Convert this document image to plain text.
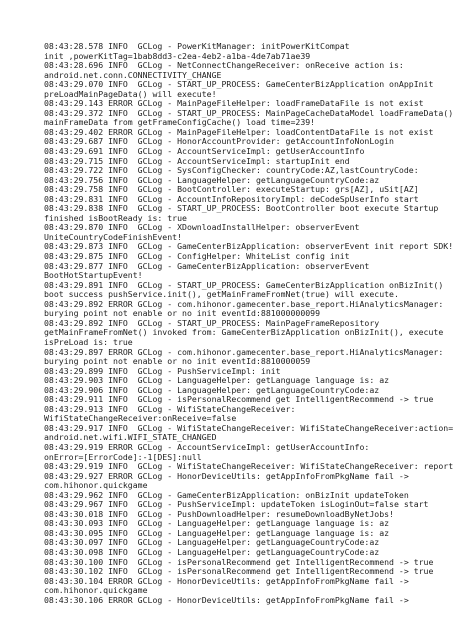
08:43:28.578 INFO  GCLog - PowerKitManager: initPowerKitCompat
init ,powerKitTag=1bab8dd3-c2ea-4eb2-a1ba-4de7ab71ae39
08:43:28.696 INFO  GCLog - NetConnectChangeReceiver: onReceive action is:
android.net.conn.CONNECTIVITY_CHANGE
08:43:29.070 INFO  GCLog - START_UP_PROCESS: GameCenterBizApplication onAppInit
preLoadMainPageData() will execute!
08:43:29.143 ERROR GCLog - MainPageFileHelper: loadFrameDataFile is not exist
08:43:29.372 INFO  GCLog - START_UP_PROCESS: MainPageCacheDataModel loadFrameData()
mainFrameData from getFrameConfigCache() load time=239!
08:43:29.402 ERROR GCLog - MainPageFileHelper: loadContentDataFile is not exist
08:43:29.687 INFO  GCLog - HonorAccountProvider: getAccountInfoNonLogin
08:43:29.691 INFO  GCLog - AccountServiceImpl: getUserAccountInfo
08:43:29.715 INFO  GCLog - AccountServiceImpl: startupInit end
08:43:29.722 INFO  GCLog - SysConfigChecker: countryCode:AZ,lastCountryCode:
08:43:29.756 INFO  GCLog - LanguageHelper: getLanguageCountryCode:az
08:43:29.758 INFO  GCLog - BootController: executeStartup: grs[AZ], uSit[AZ]
08:43:29.831 INFO  GCLog - AccountInfoRepositoryImpl: deCodeSpUserInfo start
08:43:29.838 INFO  GCLog - START_UP_PROCESS: BootController boot execute Startup
finished isBootReady is: true
08:43:29.870 INFO  GCLog - XDownloadInstallHelper: observerEvent
UniteCountryCodeFinishEvent!
08:43:29.873 INFO  GCLog - GameCenterBizApplication: observerEvent init report SDK!
08:43:29.875 INFO  GCLog - ConfigHelper: WhiteList config init
08:43:29.877 INFO  GCLog - GameCenterBizApplication: observerEvent
BootHotStartupEvent!
08:43:29.891 INFO  GCLog - START_UP_PROCESS: GameCenterBizApplication onBizInit()
boot success pushService.init(), getMainFrameFromNet(true) will execute.
08:43:29.892 ERROR GCLog - com.hihonor.gamecenter.base_report.HiAnalyticsManager:
burying point not enable or no init eventId:881000000099
08:43:29.892 INFO  GCLog - START_UP_PROCESS: MainPageFrameRepository
getMainFrameFromNet() invoked from: GameCenterBizApplication onBizInit(), execute
isPreLoad is: true
08:43:29.897 ERROR GCLog - com.hihonor.gamecenter.base_report.HiAnalyticsManager:
burying point not enable or no init eventId:8810000059
08:43:29.899 INFO  GCLog - PushServiceImpl: init
08:43:29.903 INFO  GCLog - LanguageHelper: getLanguage language is: az
08:43:29.906 INFO  GCLog - LanguageHelper: getLanguageCountryCode:az
08:43:29.911 INFO  GCLog - isPersonalRecommend get IntelligentRecommend -> true
08:43:29.913 INFO  GCLog - WifiStateChangeReceiver:
WifiStateChangeReceiver:onReceive=false
08:43:29.917 INFO  GCLog - WifiStateChangeReceiver: WifiStateChangeReceiver:action=
android.net.wifi.WIFI_STATE_CHANGED
08:43:29.919 ERROR GCLog - AccountServiceImpl: getUserAccountInfo:
onError=[ErrorCode]:-1[DES]:null
08:43:29.919 INFO  GCLog - WifiStateChangeReceiver: WifiStateChangeReceiver: report
08:43:29.927 ERROR GCLog - HonorDeviceUtils: getAppInfoFromPkgName fail ->
com.hihonor.quickgame
08:43:29.962 INFO  GCLog - GameCenterBizApplication: onBizInit updateToken
08:43:29.967 INFO  GCLog - PushServiceImpl: updateToken isLoginOut=false start
08:43:30.018 INFO  GCLog - PushDownloadHelper: resumeDownloadByNetJobs!
08:43:30.093 INFO  GCLog - LanguageHelper: getLanguage language is: az
08:43:30.095 INFO  GCLog - LanguageHelper: getLanguage language is: az
08:43:30.097 INFO  GCLog - LanguageHelper: getLanguageCountryCode:az
08:43:30.098 INFO  GCLog - LanguageHelper: getLanguageCountryCode:az
08:43:30.100 INFO  GCLog - isPersonalRecommend get IntelligentRecommend -> true
08:43:30.102 INFO  GCLog - isPersonalRecommend get IntelligentRecommend -> true
08:43:30.104 ERROR GCLog - HonorDeviceUtils: getAppInfoFromPkgName fail ->
com.hihonor.quickgame
08:43:30.106 ERROR GCLog - HonorDeviceUtils: getAppInfoFromPkgName fail ->
